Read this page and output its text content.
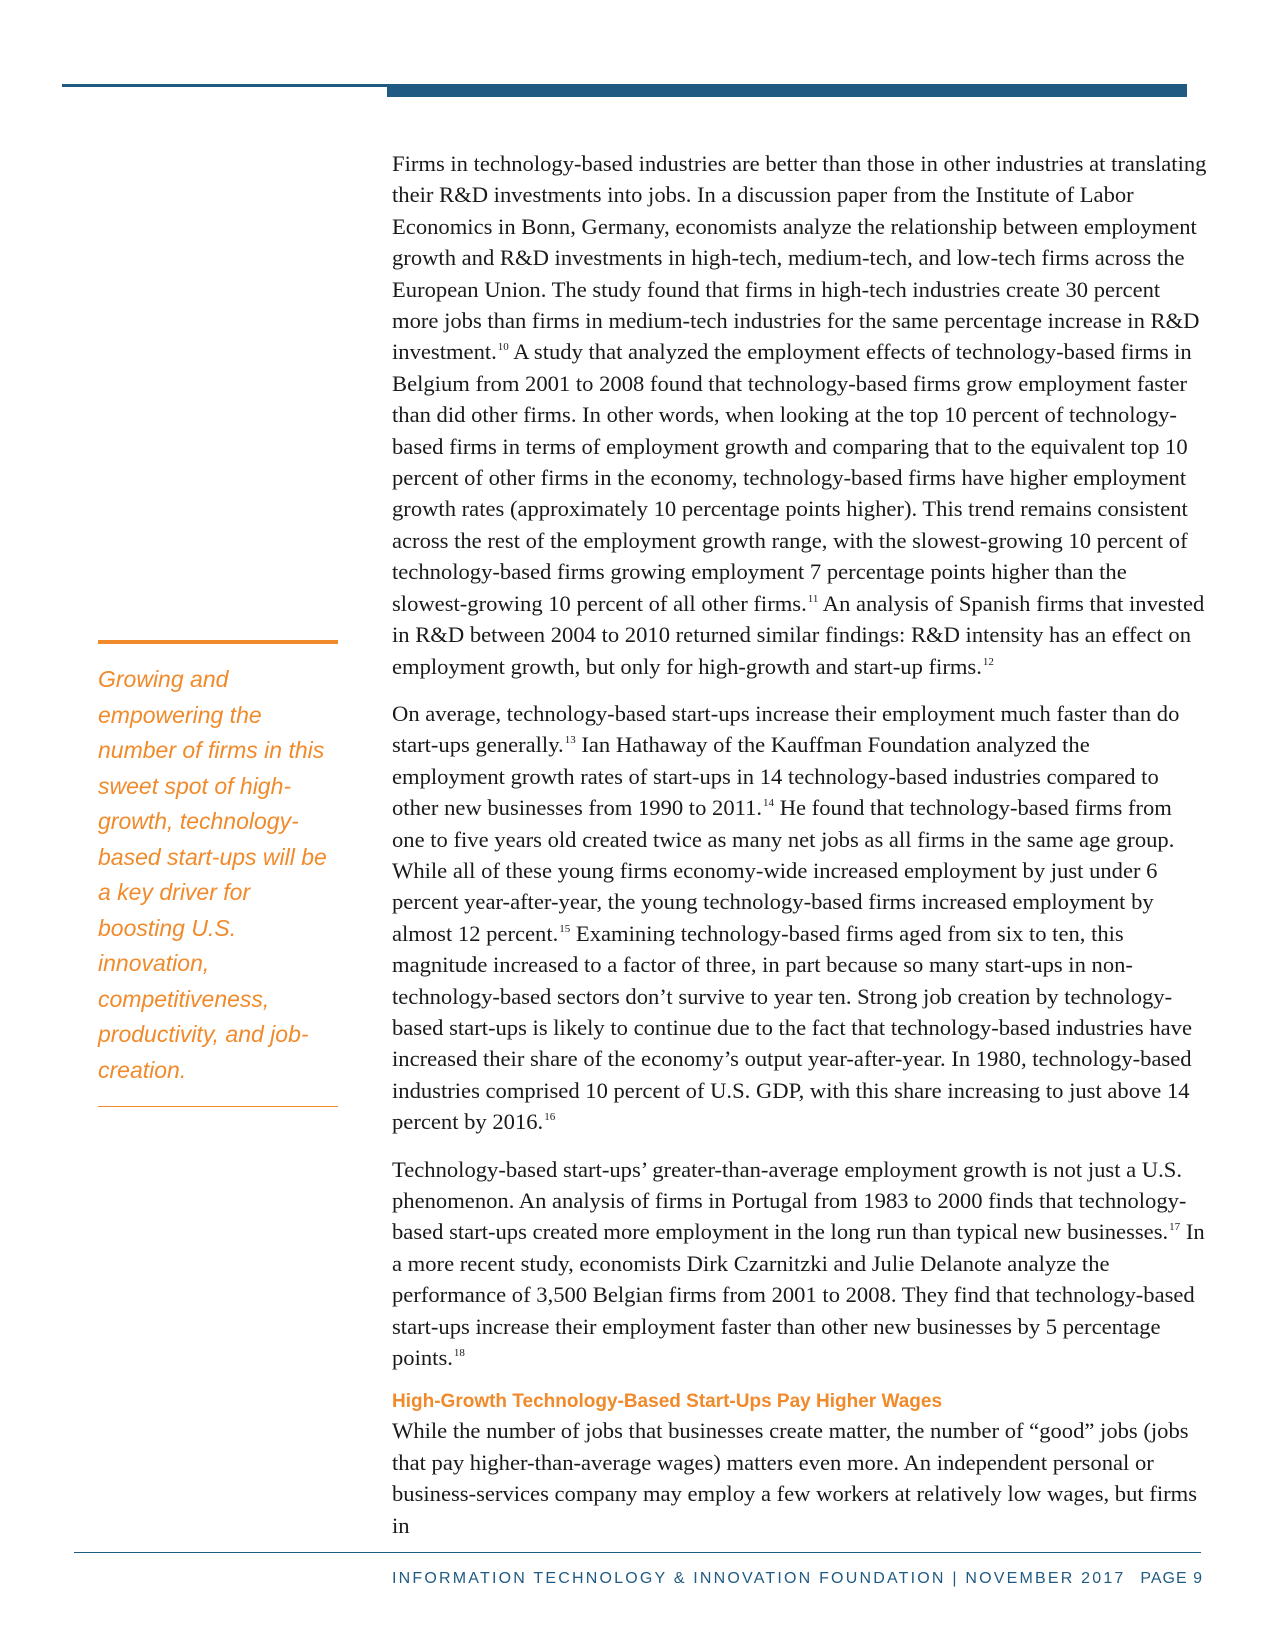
Growing and empowering the number of firms in this sweet spot of high-growth, technology-based start-ups will be a key driver for boosting U.S. innovation, competitiveness, productivity, and job-creation.

Firms in technology-based industries are better than those in other industries at translating their R&D investments into jobs. In a discussion paper from the Institute of Labor Economics in Bonn, Germany, economists analyze the relationship between employment growth and R&D investments in high-tech, medium-tech, and low-tech firms across the European Union. The study found that firms in high-tech industries create 30 percent more jobs than firms in medium-tech industries for the same percentage increase in R&D investment.$^{10}$ A study that analyzed the employment effects of technology-based firms in Belgium from 2001 to 2008 found that technology-based firms grow employment faster than did other firms. In other words, when looking at the top 10 percent of technology-based firms in terms of employment growth and comparing that to the equivalent top 10 percent of other firms in the economy, technology-based firms have higher employment growth rates (approximately 10 percentage points higher). This trend remains consistent across the rest of the employment growth range, with the slowest-growing 10 percent of technology-based firms growing employment 7 percentage points higher than the slowest-growing 10 percent of all other firms.$^{11}$ An analysis of Spanish firms that invested in R&D between 2004 to 2010 returned similar findings: R&D intensity has an effect on employment growth, but only for high-growth and start-up firms.$^{12}$

On average, technology-based start-ups increase their employment much faster than do start-ups generally.$^{13}$ Ian Hathaway of the Kauffman Foundation analyzed the employment growth rates of start-ups in 14 technology-based industries compared to other new businesses from 1990 to 2011.14 He found that technology-based firms from one to five years old created twice as many net jobs as all firms in the same age group. While all of these young firms economy-wide increased employment by just under 6 percent year-after-year, the young technology-based firms increased employment by almost 12 percent.$^{15}$ Examining technology-based firms aged from six to ten, this magnitude increased to a factor of three, in part because so many start-ups in non-technology-based sectors don’t survive to year ten. Strong job creation by technology-based start-ups is likely to continue due to the fact that technology-based industries have increased their share of the economy’s output year-after-year. In 1980, technology-based industries comprised 10 percent of U.S. GDP, with this share increasing to just above 14 percent by 2016.16

Technology-based start-ups’ greater-than-average employment growth is not just a U.S. phenomenon. An analysis of firms in Portugal from 1983 to 2000 finds that technology-based start-ups created more employment in the long run than typical new businesses.$^{17}$ In a more recent study, economists Dirk Czarnitzki and Julie Delanote analyze the performance of 3,500 Belgian firms from 2001 to 2008. They find that technology-based start-ups increase their employment faster than other new businesses by 5 percentage points.$^{18}$

High-Growth Technology-Based Start-Ups Pay Higher Wages

While the number of jobs that businesses create matter, the number of “good” jobs (jobs that pay higher-than-average wages) matters even more. An independent personal or business-services company may employ a few workers at relatively low wages, but firms in

INFORMATION TECHNOLOGY & INNOVATION FOUNDATION | NOVEMBER 2017 PAGE 9
